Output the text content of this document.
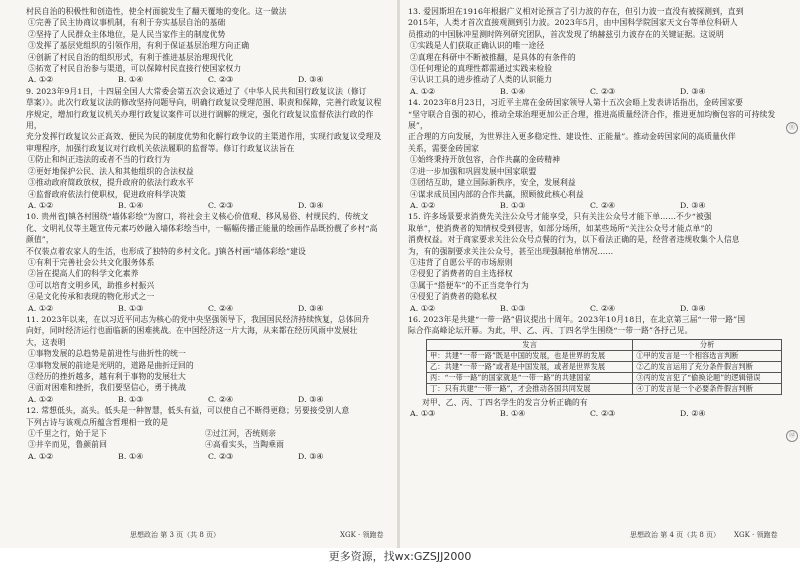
村民自治的积极性和创造性，使全村面貌发生了翻天覆地的变化。这一做法

①完善了民主协商议事机制，有利于夯实基层自治的基础

②坚持了人民群众主体地位，是人民当家作主的制度优势

③发挥了基层党组织的引领作用，有利于保证基层治理方向正确

④创新了村民自治的组织形式，有利于推进基层治理现代化

⑤拓宽了村民自治参与渠道，可以保障村民直接行使国家权力

A. ①②	B. ①④	C. ②③	D. ③④

9. 2023年9月1日，十四届全国人大常委会第五次会议通过了《中华人民共和国行政复议法（修订

草案）》。此次行政复议法的修改坚持问题导向，明确行政复议受理范围、职责和保障，完善行政复议程

序规定，增加行政复议机关办理行政复议案件可以进行调解的规定，强化行政复议监督依法行政的作用，

充分发挥行政复议公正高效、便民为民的制度优势和化解行政争议的主渠道作用，实现行政复议受理及

审理程序，加强行政复议对行政机关依法履职的监督等。修订行政复议法旨在

①防止和纠正违法的或者不当的行政行为

②更好地保护公民、法人和其他组织的合法权益

③推动政府简政放权，提升政府的依法行政水平

④监督政府依法行使职权，促进政府科学决策

A. ①②	B. ①④	C. ②③	D. ③④

10. 贵州省J镇各村围绕“墙体彩绘”为窗口，将社会主义核心价值观、移风易俗、村规民约、传统文

化、文明礼仪等主题宣传元素巧妙融入墙体彩绘当中，一幅幅传播正能量的绘画作品既扮靓了乡村“高颜值”，

不仅装点着农家人的生活，也形成了独特的乡村文化。J镇各村画“墙体彩绘”建设

①有利于完善社会公共文化服务体系

②旨在提高人们的科学文化素养

③可以培育文明乡风，助推乡村振兴

④是文化传承和表现的物化形式之一

A. ①②	B. ①③	C. ②④	D. ③④

11. 2023年以来，在以习近平同志为核心的党中央坚强领导下，我国国民经济持续恢复，总体回升

向好，同时经济运行也面临新的困难挑战。在中国经济这一片大海，从来都在经历风雨中发展壮

大，这表明

①事物发展的总趋势是前进性与曲折性的统一

②事物发展的前途是光明的，道路是曲折迂回的

③经历的挫折越多，越有利于事物的发展壮大

④面对困难和挫折，我们要坚信心，勇于挑战

A. ①②	B. ①③	C. ②④	D. ③④

12. 常想低头，高头。低头是一种智慧，低头有益，可以使自己不断得更稳；另要接受别人意

下列古诗与该观点所蕴含哲理相一致的是

①千里之行，始于足下	②过江河，否统则亲
③井辛而见，鲁颜前回	④高看实头，当陶乘雨
A. ①②	B. ①④	C. ②③	D. ③④
思想政治 第 3 页（共 8 页）	XGK · 领跑卷

13. 爱因斯坦在1916年根据广义相对论预言了引力波的存在，但引力波一直没有被探测到，直到

2015年，人类才首次直接观测到引力波。2023年5月，由中国科学院国家天文台等单位科研人

员推动的中国脉冲星测时阵列研究团队，首次发现了纳赫兹引力波存在的关键证据。这说明

①实践是人们获取正确认识的唯一途径

②真理在科研中不断被推翻，是具体的有条件的

③任何理论的真理性都需通过实践来检验

④认识工具的进步推动了人类的认识能力

A. ①②	B. ①④	C. ②③	D. ③④

14. 2023年8月23日，习近平主席在金砖国家领导人第十五次会晤上发表讲话指出，金砖国家要

“坚守联合自强的初心，推动全球治理更加公正合理，推进高质量经济合作，推进更加均衡包容的可持续发展”，

正合理的方向发展，为世界注入更多稳定性、建设性、正能量”。推动金砖国家间的高质量伙伴

关系，需要金砖国家

①始终秉持开放包容，合作共赢的金砖精神

②进一步加强和巩固发展中国家联盟

③团结互助，建立国际新秩序，安全，发展利益

④谋求成员国内部的合作共赢，照顾彼此核心利益

A. ①②	B. ①③	C. ②④	D. ③④

15. 许多场景要求消费先关注公众号才能享受，只有关注公众号才能下单……不少“被强

取单”，使消费者的知情权受到侵害，如部分场所，如某些场所“关注公众号才能点单”的

消费权益。对于商家要求关注公众号点餐的行为，以下看法正确的是，经营者违规收集个人信息

为，有的强制要求关注公众号，甚至出现强制抢单情况……

①违背了自愿公平的市场原则

②侵犯了消费者的自主选择权

③属于“搭便车”的不正当竞争行为

④侵犯了消费者的隐私权

A. ①②	B. ①③	C. ②④	D. ③④

16. 2023年是共建“一带一路”倡议提出十周年。2023年10月18日，在北京第三届“一带一路”国

际合作高峰论坛开幕。为此，甲、乙、丙、丁四名学生围绕“一带一路”各抒己见。

发言	分析
甲：共建“一带一路”既是中国的发展，也是世界的发展	①甲的发言是一个相容选言判断
乙：共建“一带一路”或者是中国发展，或者是世界发展	②乙的发言运用了充分条件假言判断
丙：“一带一路”的国家就是“一带一路”的共建国家	③丙的发言犯了“偷换论题”的逻辑错误
丁：只有共建“一带一路”，才会推动各国共同发展	④丁的发言是一个必要条件假言判断

对甲、乙、丙、丁四名学生的发言分析正确的有

A. ①③	B. ①④	C. ②③	D. ②④
思想政治 第 4 页（共 8 页） XGK · 领跑卷
⑪
⑫
更多资源，找wx:GZSJJ2000
